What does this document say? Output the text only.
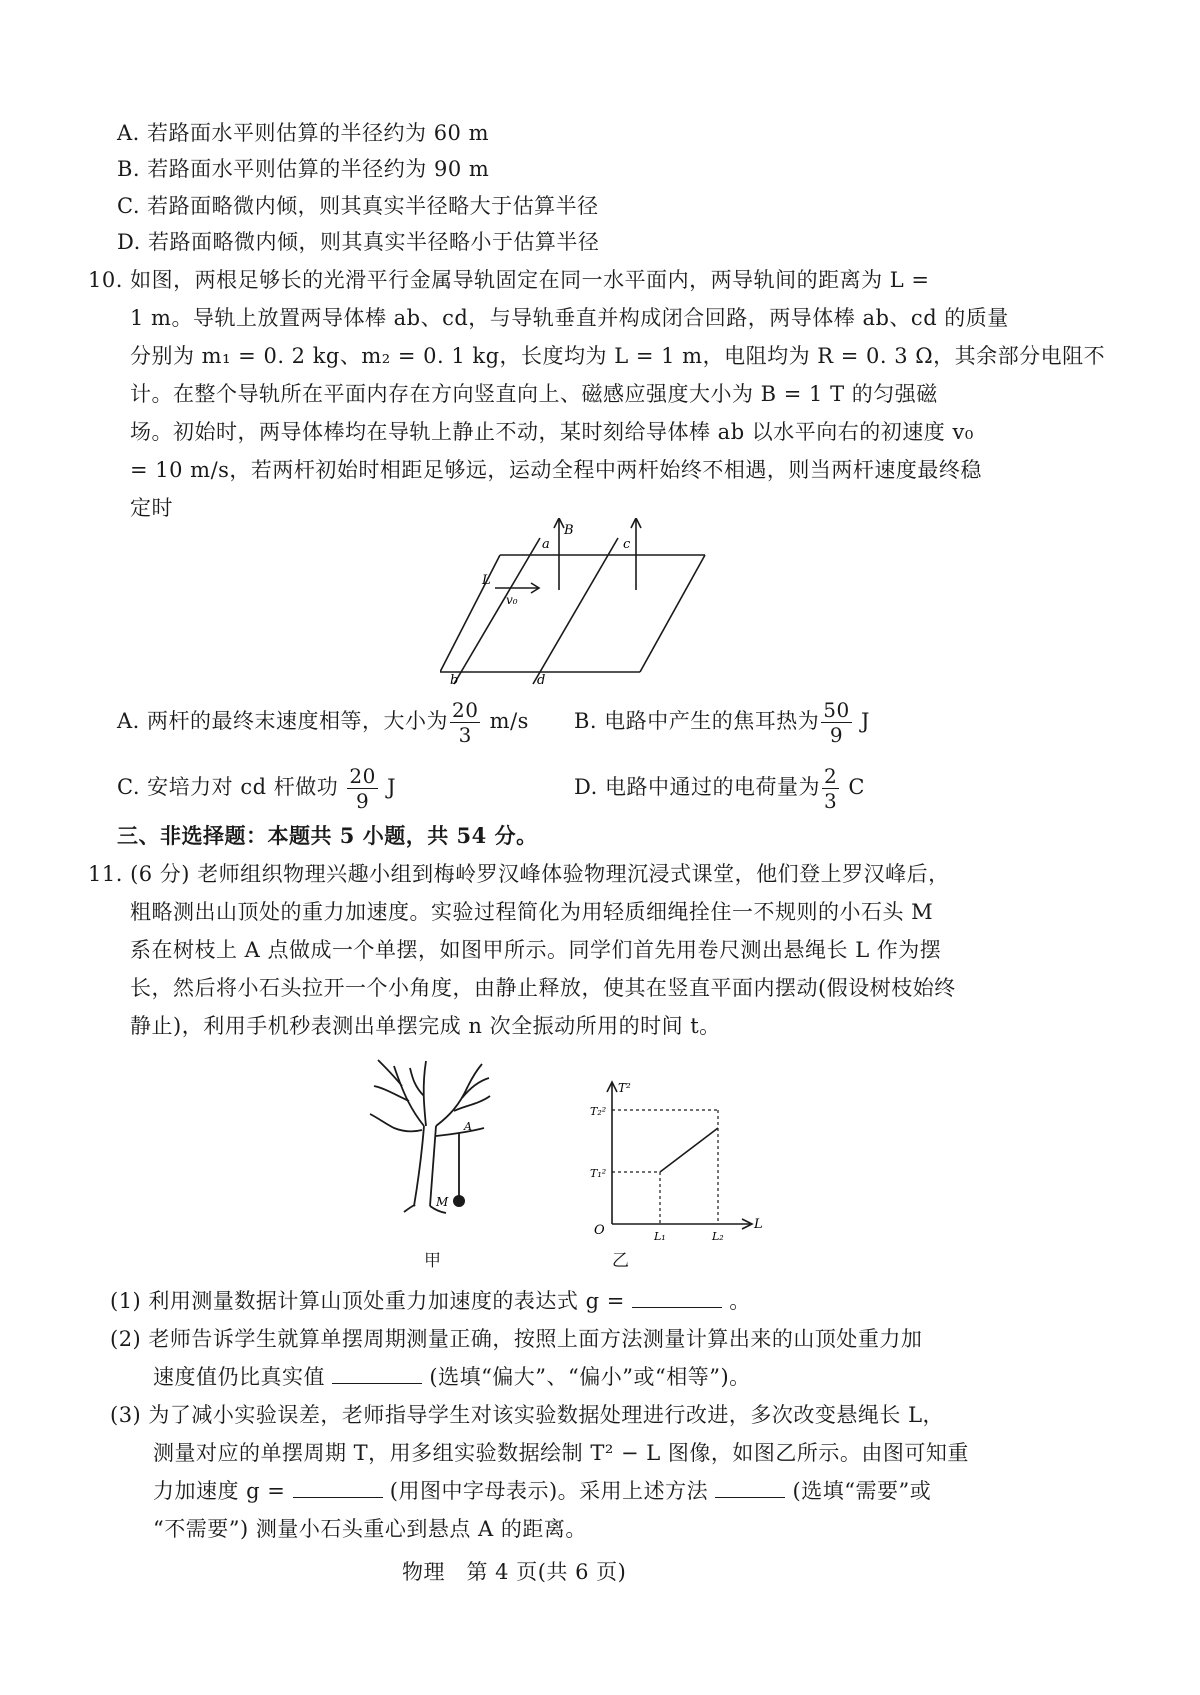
A. 若路面水平则估算的半径约为 60 m
B. 若路面水平则估算的半径约为 90 m
C. 若路面略微内倾，则其真实半径略大于估算半径
D. 若路面略微内倾，则其真实半径略小于估算半径
10. 如图，两根足够长的光滑平行金属导轨固定在同一水平面内，两导轨间的距离为 L =
1 m。导轨上放置两导体棒 ab、cd，与导轨垂直并构成闭合回路，两导体棒 ab、cd 的质量
分别为 m₁ = 0. 2 kg、m₂ = 0. 1 kg，长度均为 L = 1 m，电阻均为 R = 0. 3 Ω，其余部分电阻不
计。在整个导轨所在平面内存在方向竖直向上、磁感应强度大小为 B = 1 T 的匀强磁
场。初始时，两导体棒均在导轨上静止不动，某时刻给导体棒 ab 以水平向右的初速度 v₀
= 10 m/s，若两杆初始时相距足够远，运动全程中两杆始终不相遇，则当两杆速度最终稳
定时
a	c
B
L
v₀
b	d
A. 两杆的最终末速度相等，大小为 $\frac{20}{3} m/s$ B. 电路中产生的焦耳热为 $\frac{50}{9}$ J
C. 安培力对 cd 杆做功 $\frac{20}{9}$ J	D. 电路中通过的电荷量为 $\frac{2}{3}$ C
三、非选择题：本题共 5 小题，共 54 分。
11. (6 分) 老师组织物理兴趣小组到梅岭罗汉峰体验物理沉浸式课堂，他们登上罗汉峰后，
粗略测出山顶处的重力加速度。实验过程简化为用轻质细绳拴住一不规则的小石头 M
系在树枝上 A 点做成一个单摆，如图甲所示。同学们首先用卷尺测出悬绳长 L 作为摆
长，然后将小石头拉开一个小角度，由静止释放，使其在竖直平面内摆动(假设树枝始终
静止)，利用手机秒表测出单摆完成 n 次全振动所用的时间 t。
A
M
甲
T²
L
O
T₂²
T₁²
L₁	L₂
乙
(1) 利用测量数据计算山顶处重力加速度的表达式 g =	。
(2) 老师告诉学生就算单摆周期测量正确，按照上面方法测量计算出来的山顶处重力加
速度值仍比真实值	(选填“偏大”、“偏小”或“相等”)。
(3) 为了减小实验误差，老师指导学生对该实验数据处理进行改进，多次改变悬绳长 L，
测量对应的单摆周期 T，用多组实验数据绘制 T² − L 图像，如图乙所示。由图可知重
力加速度 g =	(用图中字母表示)。采用上述方法	(选填“需要”或
“不需要”) 测量小石头重心到悬点 A 的距离。
物理　第 4 页(共 6 页)
